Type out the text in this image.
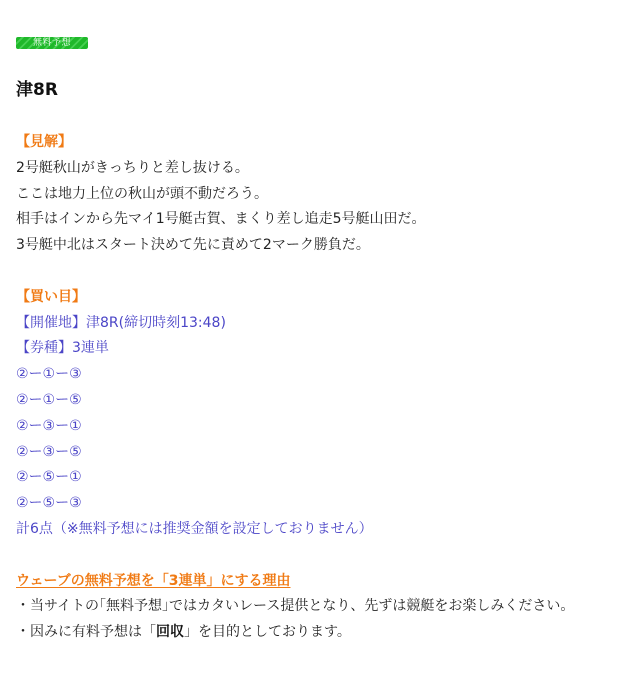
無料予想
津8R
【見解】
2号艇秋山がきっちりと差し抜ける。
ここは地力上位の秋山が頭不動だろう。
相手はインから先マイ1号艇古賀、まくり差し追走5号艇山田だ。
3号艇中北はスタート決めて先に責めて2マーク勝負だ。
【買い目】
【開催地】津8R(締切時刻13:48)
【券種】3連単
②ー①ー③
②ー①ー⑤
②ー③ー①
②ー③ー⑤
②ー⑤ー①
②ー⑤ー③
計6点（※無料予想には推奨金額を設定しておりません）
ウェーブの無料予想を「3連単」にする理由
・当サイトの｢無料予想｣ではカタいレース提供となり、先ずは競艇をお楽しみください。
・因みに有料予想は「回収」を目的としております。
